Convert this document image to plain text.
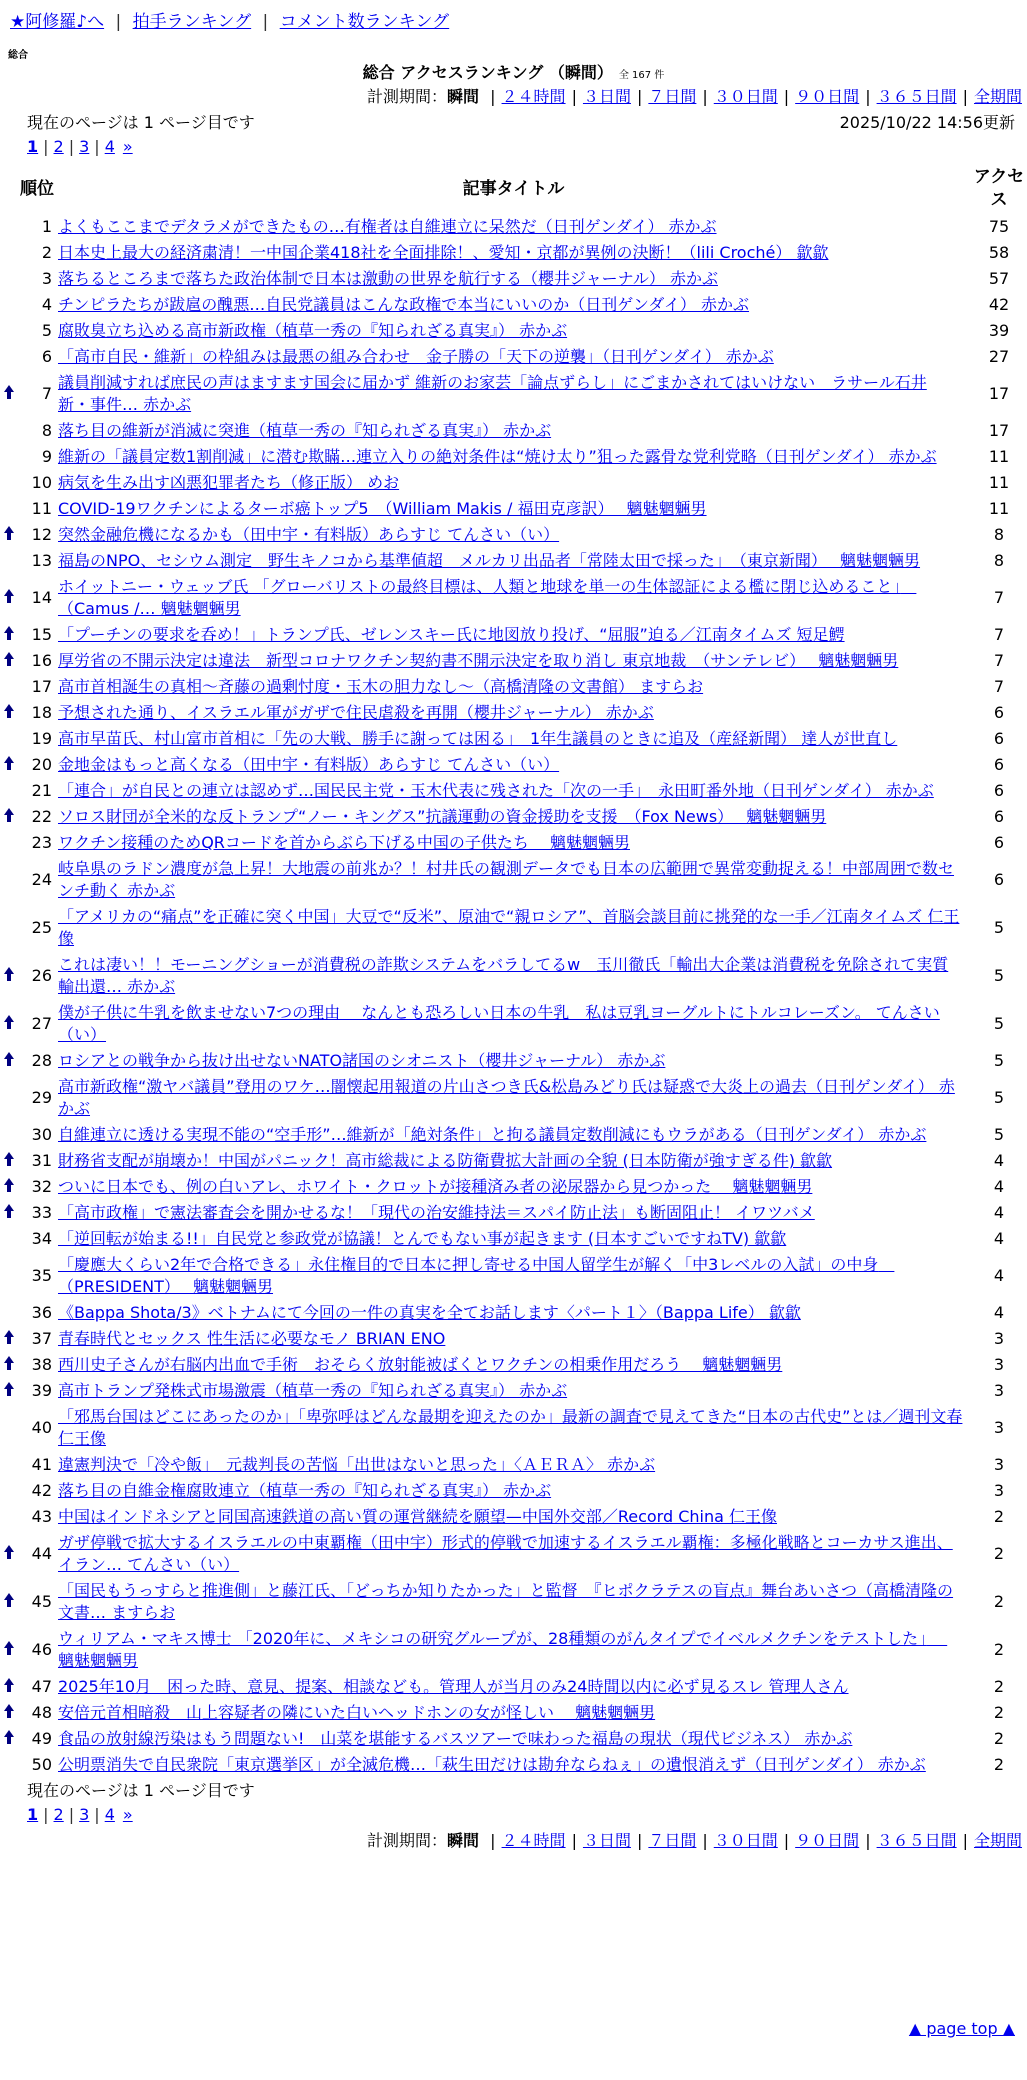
★阿修羅♪へ | 拍手ランキング | コメント数ランキング
総合
総合 アクセスランキング （瞬間） 全 167 件
計測期間：瞬間 | ２４時間 | ３日間 | ７日間 | ３０日間 | ９０日間 | ３６５日間 | 全期間
現在のページは 1 ページ目です	2025/10/22 14:56更新
1 | 2 | 3 | 4 »
	順位	記事タイトル	アクセス
	1	よくもここまでデタラメができたもの…有権者は自維連立に呆然だ（日刊ゲンダイ） 赤かぶ	75
	2	日本史上最大の経済粛清！一中国企業418社を全面排除！、愛知・京都が異例の決断！（lili Croché） 歙歙	58
	3	落ちるところまで落ちた政治体制で日本は激動の世界を航行する（櫻井ジャーナル） 赤かぶ	57
	4	チンピラたちが跋扈の醜悪…自民党議員はこんな政権で本当にいいのか（日刊ゲンダイ） 赤かぶ	42
	5	腐敗臭立ち込める高市新政権（植草一秀の『知られざる真実』） 赤かぶ	39
	6	「高市自民・維新」の枠組みは最悪の組み合わせ　金子勝の「天下の逆襲」（日刊ゲンダイ） 赤かぶ	27
	7	議員削減すれば庶民の声はますます国会に届かず 維新のお家芸「論点ずらし」にごまかされてはいけない　ラサール石井 新・事件… 赤かぶ	17
	8	落ち目の維新が消滅に突進（植草一秀の『知られざる真実』） 赤かぶ	17
	9	維新の「議員定数1割削減」に潜む欺瞞…連立入りの絶対条件は“焼け太り”狙った露骨な党利党略（日刊ゲンダイ） 赤かぶ	11
	10	病気を生み出す凶悪犯罪者たち（修正版） めお	11
	11	COVID-19ワクチンによるターボ癌トップ5　（William Makis / 福田克彦訳）　 魑魅魍魎男	11
	12	突然金融危機になるかも（田中宇・有料版）あらすじ てんさい（い）	8
	13	福島のNPO、セシウム測定　野生キノコから基準値超　メルカリ出品者「常陸太田で採った」　（東京新聞）　 魑魅魍魎男	8
	14	ホイットニー・ウェッブ氏 「グローバリストの最終目標は、人類と地球を単一の生体認証による檻に閉じ込めること」　（Camus /… 魑魅魍魎男	7
	15	「プーチンの要求を呑め！」トランプ氏、ゼレンスキー氏に地図放り投げ、“屈服”迫る／江南タイムズ 短足鰐	7
	16	厚労省の不開示決定は違法　新型コロナワクチン契約書不開示決定を取り消し 東京地裁　（サンテレビ）　 魑魅魍魎男	7
	17	高市首相誕生の真相～斉藤の過剰忖度・玉木の胆力なし～（高橋清隆の文書館） ますらお	7
	18	予想された通り、イスラエル軍がガザで住民虐殺を再開（櫻井ジャーナル） 赤かぶ	6
	19	高市早苗氏、村山富市首相に「先の大戦、勝手に謝っては困る」　1年生議員のときに追及（産経新聞） 達人が世直し	6
	20	金地金はもっと高くなる（田中宇・有料版）あらすじ てんさい（い）	6
	21	「連合」が自民との連立は認めず…国民民主党・玉木代表に残された「次の一手」　永田町番外地（日刊ゲンダイ） 赤かぶ	6
	22	ソロス財団が全米的な反トランプ“ノー・キングス”抗議運動の資金援助を支援　（Fox News）　 魑魅魍魎男	6
	23	ワクチン接種のためQRコードを首からぶら下げる中国の子供たち　 魑魅魍魎男	6
	24	岐阜県のラドン濃度が急上昇！大地震の前兆か？！村井氏の観測データでも日本の広範囲で異常変動捉える！中部周囲で数センチ動く 赤かぶ	6
	25	「アメリカの“痛点”を正確に突く中国」大豆で“反米”、原油で“親ロシア”、首脳会談目前に挑発的な一手／江南タイムズ 仁王像	5
	26	これは凄い！！モーニングショーが消費税の詐欺システムをバラしてるw　玉川徹氏「輸出大企業は消費税を免除されて実質 輸出還… 赤かぶ	5
	27	僕が子供に牛乳を飲ませない7つの理由　 なんとも恐ろしい日本の牛乳　私は豆乳ヨーグルトにトルコレーズン。 てんさい（い）	5
	28	ロシアとの戦争から抜け出せないNATO諸国のシオニスト（櫻井ジャーナル） 赤かぶ	5
	29	高市新政権“激ヤバ議員”登用のワケ…闇懐起用報道の片山さつき氏&松島みどり氏は疑惑で大炎上の過去（日刊ゲンダイ） 赤かぶ	5
	30	自維連立に透ける実現不能の“空手形”…維新が「絶対条件」と拘る議員定数削減にもウラがある（日刊ゲンダイ） 赤かぶ	5
	31	財務省支配が崩壊か！中国がパニック！高市総裁による防衛費拡大計画の全貌 (日本防衛が強すぎる件) 歙歙	4
	32	ついに日本でも、例の白いアレ、ホワイト・クロットが接種済み者の泌尿器から見つかった　 魑魅魍魎男	4
	33	「高市政権」で憲法審査会を開かせるな！「現代の治安維持法＝スパイ防止法」も断固阻止！ イワツバメ	4
	34	「逆回転が始まる!!」自民党と参政党が協議！とんでもない事が起きます (日本すごいですねTV) 歙歙	4
	35	「慶應大くらい2年で合格できる」永住権目的で日本に押し寄せる中国人留学生が解く「中3レベルの入試」の中身　（PRESIDENT）　 魑魅魍魎男	4
	36	《Bappa Shota/3》ベトナムにて今回の一件の真実を全てお話します〈パート１〉（Bappa Life） 歙歙	4
	37	青春時代とセックス 性生活に必要なモノ BRIAN ENO	3
	38	西川史子さんが右脳内出血で手術　おそらく放射能被ばくとワクチンの相乗作用だろう　 魑魅魍魎男	3
	39	高市トランプ発株式市場激震（植草一秀の『知られざる真実』） 赤かぶ	3
	40	「邪馬台国はどこにあったのか」「卑弥呼はどんな最期を迎えたのか」最新の調査で見えてきた“日本の古代史”とは／週刊文春 仁王像	3
	41	違憲判決で「冷や飯」　元裁判長の苦悩「出世はないと思った」〈ＡＥＲＡ〉 赤かぶ	3
	42	落ち目の自維金権腐敗連立（植草一秀の『知られざる真実』） 赤かぶ	3
	43	中国はインドネシアと同国高速鉄道の高い質の運営継続を願望—中国外交部／Record China 仁王像	2
	44	ガザ停戦で拡大するイスラエルの中東覇権（田中宇）形式的停戦で加速するイスラエル覇権：多極化戦略とコーカサス進出、イラン… てんさい（い）	2
	45	「国民もうっすらと推進側」と藤江氏、「どっちか知りたかった」と監督　『ヒポクラテスの盲点』舞台あいさつ（高橋清隆の文書… ますらお	2
	46	ウィリアム・マキス博士 「2020年に、メキシコの研究グループが、28種類のがんタイプでイベルメクチンをテストした」　 魑魅魍魎男	2
	47	2025年10月　困った時、意見、提案、相談なども。管理人が当月のみ24時間以内に必ず見るスレ 管理人さん	2
	48	安倍元首相暗殺　山上容疑者の隣にいた白いヘッドホンの女が怪しい　 魑魅魍魎男	2
	49	食品の放射線汚染はもう問題ない!　山菜を堪能するバスツアーで味わった福島の現状（現代ビジネス） 赤かぶ	2
	50	公明票消失で自民衆院「東京選挙区」が全滅危機…「萩生田だけは勘弁ならねぇ」の遺恨消えず（日刊ゲンダイ） 赤かぶ	2
現在のページは 1 ページ目です
1 | 2 | 3 | 4 »
計測期間：瞬間 | ２４時間 | ３日間 | ７日間 | ３０日間 | ９０日間 | ３６５日間 | 全期間
▲ page top ▲
